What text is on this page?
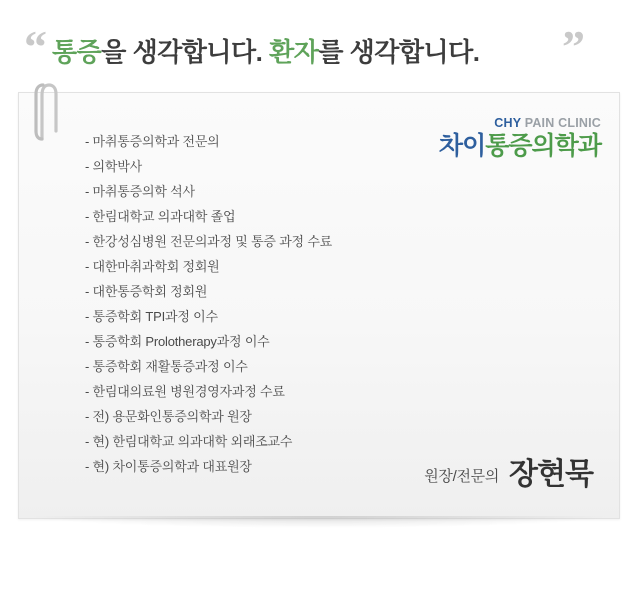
“ 통증을 생각합니다. 환자를 생각합니다.	”
CHY PAIN CLINIC
차이통증의학과
- 마취통증의학과 전문의
- 의학박사
- 마취통증의학 석사
- 한림대학교 의과대학 졸업
- 한강성심병원 전문의과정 및 통증 과정 수료
- 대한마취과학회 정회원
- 대한통증학회 정회원
- 통증학회 TPI과정 이수
- 통증학회 Prolotherapy과정 이수
- 통증학회 재활통증과정 이수
- 한림대의료원 병원경영자과정 수료
- 전) 용문화인통증의학과 원장
- 현) 한림대학교 의과대학 외래조교수
- 현) 차이통증의학과 대표원장
원장/전문의 장현묵
